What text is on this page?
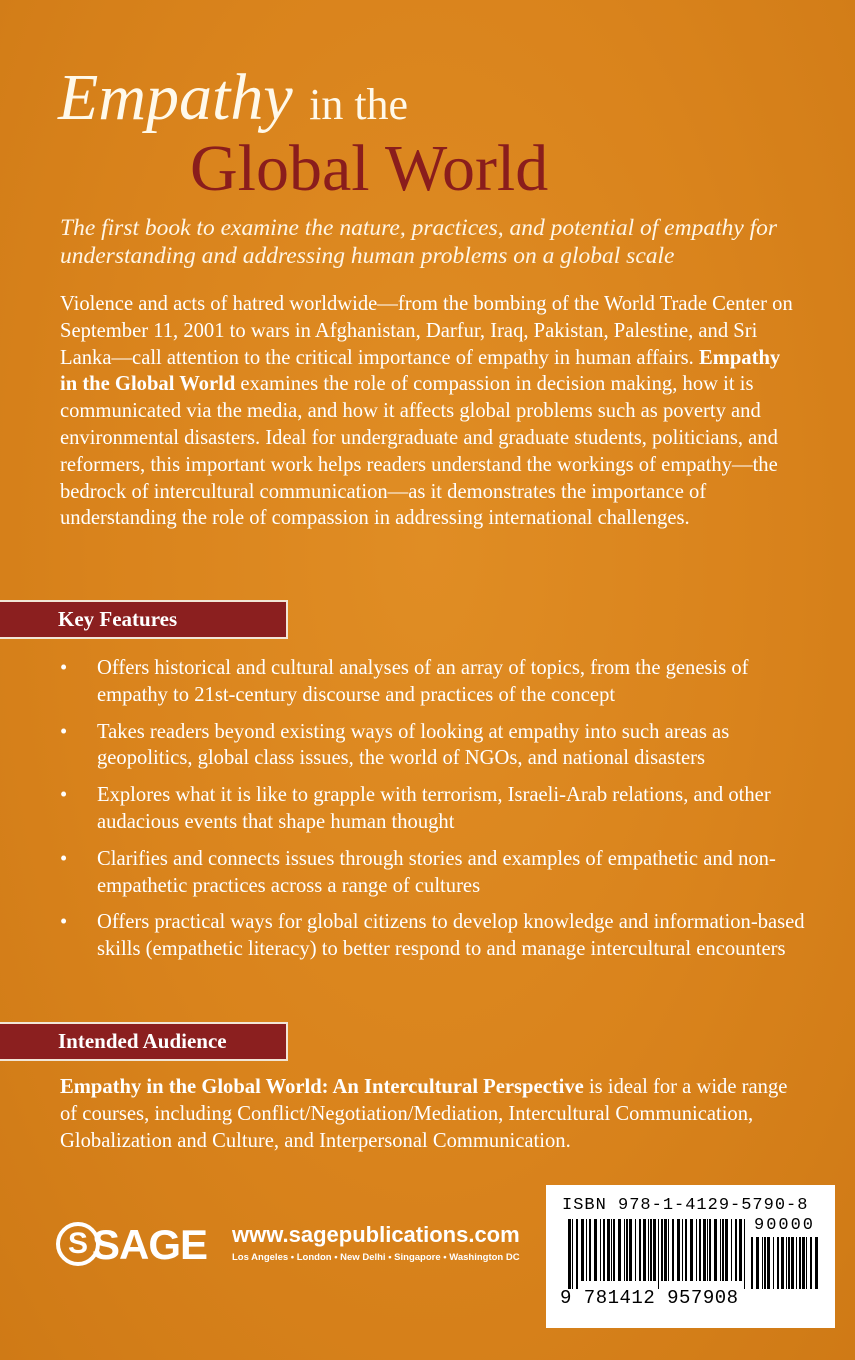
Empathy in the
Global World
The first book to examine the nature, practices, and potential of empathy for understanding and addressing human problems on a global scale
Violence and acts of hatred worldwide—from the bombing of the World Trade Center on September 11, 2001 to wars in Afghanistan, Darfur, Iraq, Pakistan, Palestine, and Sri Lanka—call attention to the critical importance of empathy in human affairs. Empathy in the Global World examines the role of compassion in decision making, how it is communicated via the media, and how it affects global problems such as poverty and environmental disasters. Ideal for undergraduate and graduate students, politicians, and reformers, this important work helps readers understand the workings of empathy—the bedrock of intercultural communication—as it demonstrates the importance of understanding the role of compassion in addressing international challenges.
Key Features
• Offers historical and cultural analyses of an array of topics, from the genesis of empathy to 21st-century discourse and practices of the concept
• Takes readers beyond existing ways of looking at empathy into such areas as geopolitics, global class issues, the world of NGOs, and national disasters
• Explores what it is like to grapple with terrorism, Israeli-Arab relations, and other audacious events that shape human thought
• Clarifies and connects issues through stories and examples of empathetic and non-empathetic practices across a range of cultures
• Offers practical ways for global citizens to develop knowledge and information-based skills (empathetic literacy) to better respond to and manage intercultural encounters
Intended Audience
Empathy in the Global World: An Intercultural Perspective is ideal for a wide range of courses, including Conflict/Negotiation/Mediation, Intercultural Communication, Globalization and Culture, and Interpersonal Communication.
S SAGE www.sagepublications.com
Los Angeles • London • New Delhi • Singapore • Washington DC
ISBN 978-1-4129-5790-8
90000
9 781412 957908
